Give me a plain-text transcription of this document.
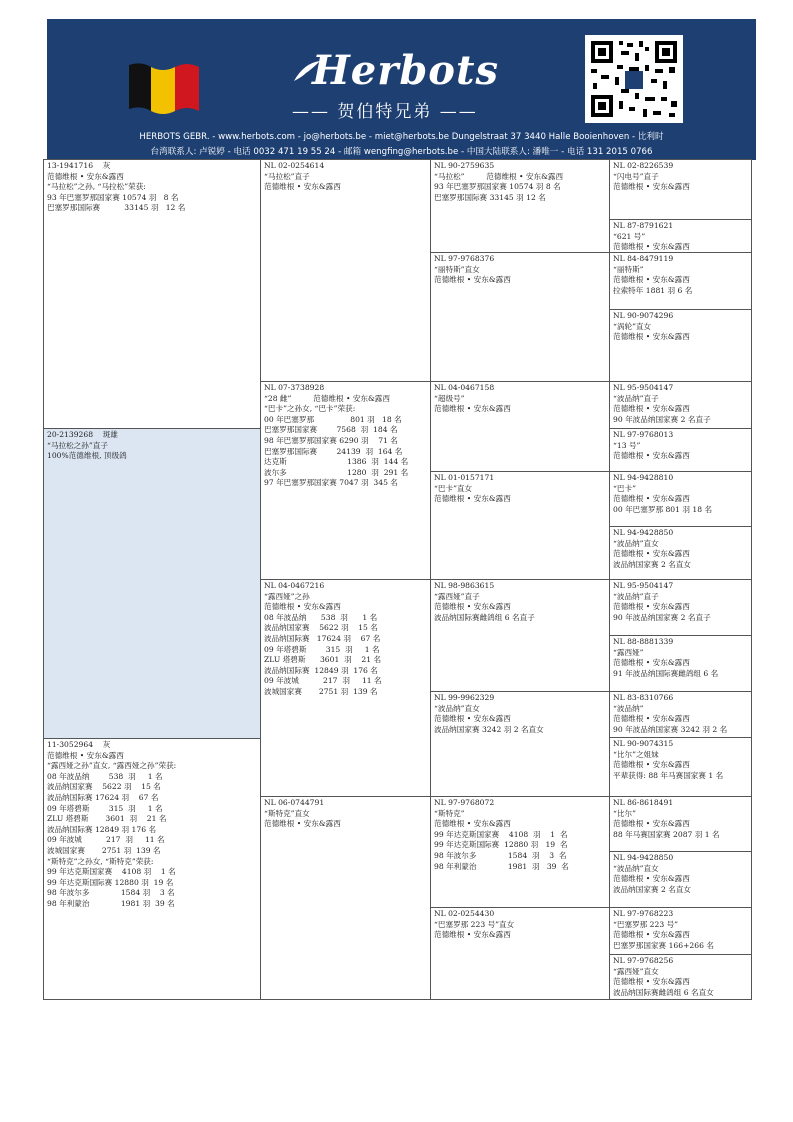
Herbots
—— 贺伯特兄弟 ——
HERBOTS GEBR. - www.herbots.com - jo@herbots.be - miet@herbots.be Dungelstraat 37 3440 Halle Booienhoven - 比利时
台湾联系人: 卢锐婷 - 电话 0032 471 19 55 24 - 邮箱 wengfing@herbots.be - 中国大陆联系人: 潘唯一 - 电话 131 2015 0766
13-1941716    灰
范德维根 • 安东&露西
“马拉松”之孙, “马拉松”荣获:
93 年巴塞罗那国家赛 10574 羽   8 名
巴塞罗那国际赛          33145 羽   12 名
20-2139268    斑雄
“马拉松之孙”直子
100%范德维根, 顶级鸽
11-3052964    灰
范德维根 • 安东&露西
“露西娅之孙”直女, “露西娅之孙”荣获:
08 年波品纳        538  羽     1 名
波品纳国家赛    5622 羽    15 名
波品纳国际赛 17624 羽    67 名
09 年塔碧斯        315  羽     1 名
ZLU 塔碧斯       3601  羽    21 名
波品纳国际赛 12849 羽 176 名
09 年波城          217  羽     11 名
波城国家赛       2751 羽  139 名
“斯特克”之孙女, “斯特克”荣获:
99 年达克斯国家赛    4108 羽    1 名
99 年达克斯国际赛 12880 羽  19 名
98 年波尔多             1584 羽    3 名
98 年利蒙治             1981 羽  39 名
NL 02-0254614
“马拉松”直子
范德维根 • 安东&露西
NL 07-3738928
“28 雌”         范德维根 • 安东&露西
“巴卡”之孙女, “巴卡”荣获:
00 年巴塞罗那               801 羽   18 名
巴塞罗那国家赛        7568  羽  184 名
98 年巴塞罗那国家赛 6290 羽    71 名
巴塞罗那国际赛        24139  羽  164 名
达克斯                         1386  羽  144 名
波尔多                         1280  羽  291 名
97 年巴塞罗那国家赛 7047 羽  345 名
NL 04-0467216
“露西娅”之孙
范德维根 • 安东&露西
08 年波品纳      538  羽      1 名
波品纳国家赛    5622 羽    15 名
波品纳国际赛   17624 羽    67 名
09 年塔碧斯        315  羽     1 名
ZLU 塔碧斯      3601  羽    21 名
波品纳国际赛  12849 羽  176 名
09 年波城          217  羽     11 名
波城国家赛       2751 羽  139 名
NL 06-0744791
“斯特克”直女
范德维根 • 安东&露西
NL 90-2759635
“马拉松”         范德维根 • 安东&露西
93 年巴塞罗那国家赛 10574 羽 8 名
巴塞罗那国际赛 33145 羽 12 名
NL 97-9768376
“丽特斯”直女
范德维根 • 安东&露西
NL 04-0467158
“超级号”
范德维根 • 安东&露西
NL 01-0157171
“巴卡”直女
范德维根 • 安东&露西
NL 98-9863615
“露西娅”直子
范德维根 • 安东&露西
波品纳国际赛雌鸽组 6 名直子
NL 99-9962329
“波品纳”直女
范德维根 • 安东&露西
波品纳国家赛 3242 羽 2 名直女
NL 97-9768072
“斯特克”
范德维根 • 安东&露西
99 年达克斯国家赛    4108  羽    1  名
99 年达克斯国际赛  12880 羽   19  名
98 年波尔多             1584  羽    3  名
98 年利蒙治             1981  羽   39  名
NL 02-0254430
“巴塞罗那 223 号”直女
范德维根 • 安东&露西
NL 02-8226539
“闪电号”直子
范德维根 • 安东&露西
NL 87-8791621
“621 号”
范德维根 • 安东&露西
NL 84-8479119
“丽特斯”
范德维根 • 安东&露西
拉索特年 1881 羽 6 名
NL 90-9074296
“涡轮”直女
范德维根 • 安东&露西
NL 95-9504147
“波品纳”直子
范德维根 • 安东&露西
90 年波品纳国家赛 2 名直子
NL 97-9768013
“13 号”
范德维根 • 安东&露西
NL 94-9428810
“巴卡”
范德维根 • 安东&露西
00 年巴塞罗那 801 羽 18 名
NL 94-9428850
“波品纳”直女
范德维根 • 安东&露西
波品纳国家赛 2 名直女
NL 95-9504147
“波品纳”直子
范德维根 • 安东&露西
90 年波品纳国家赛 2 名直子
NL 88-8881339
“露西娅”
范德维根 • 安东&露西
91 年波品纳国际赛雌鸽组 6 名
NL 83-8310766
“波品纳”
范德维根 • 安东&露西
90 年波品纳国家赛 3242 羽 2 名
NL 90-9074315
“比尔”之姐妹
范德维根 • 安东&露西
平辈获得: 88 年马赛国家赛 1 名
NL 86-8618491
“比尔”
范德维根 • 安东&露西
88 年马赛国家赛 2087 羽 1 名
NL 94-9428850
“波品纳”直女
范德维根 • 安东&露西
波品纳国家赛 2 名直女
NL 97-9768223
“巴塞罗那 223 号”
范德维根 • 安东&露西
巴塞罗那国家赛 166+266 名
NL 97-9768256
“露西娅”直女
范德维根 • 安东&露西
波品纳国际赛雌鸽组 6 名直女
